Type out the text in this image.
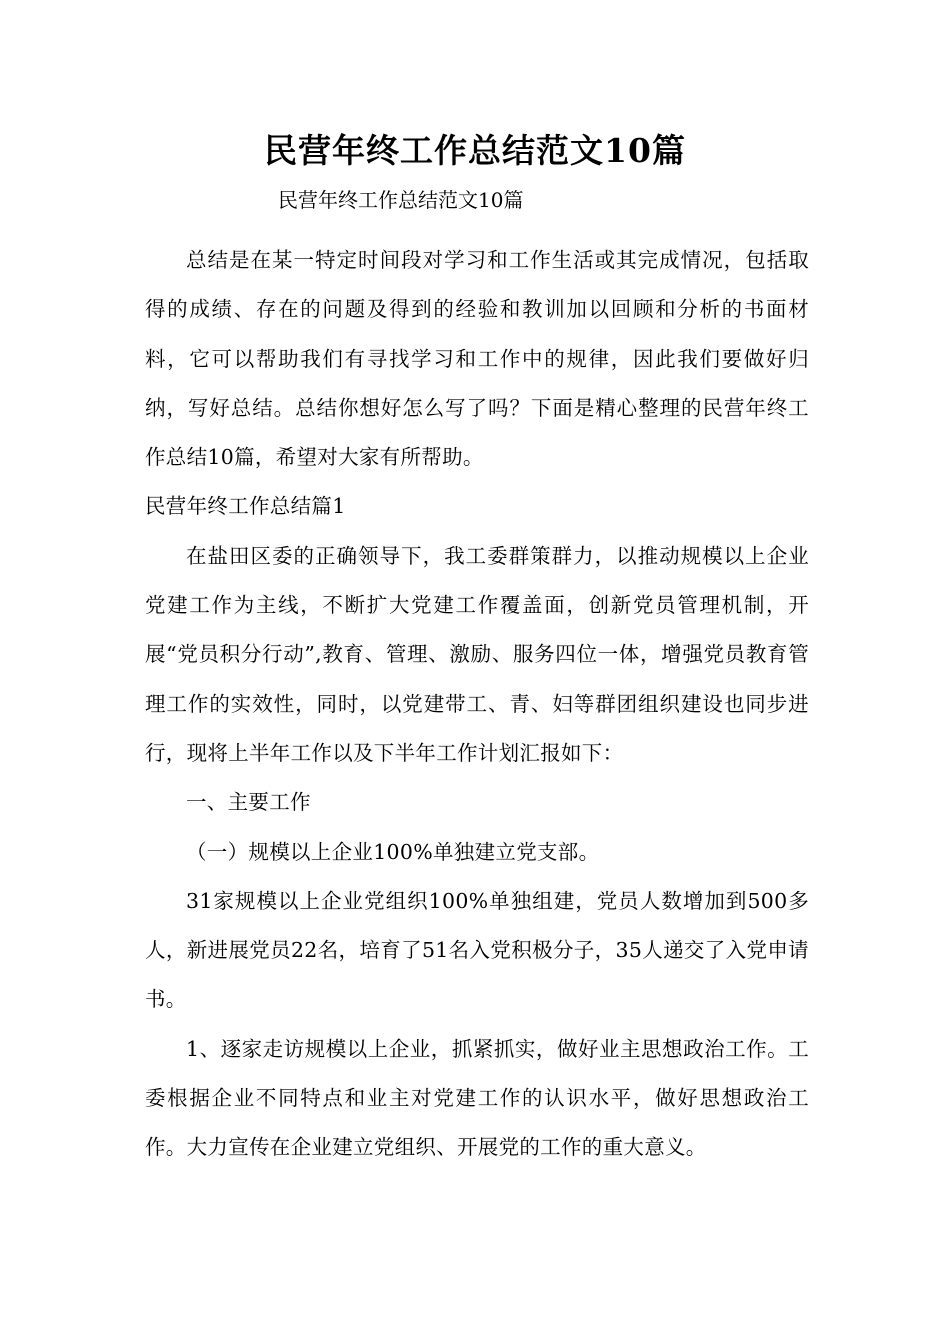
民营年终工作总结范文10篇
民营年终工作总结范文10篇

总结是在某一特定时间段对学习和工作生活或其完成情况，包括取得的成绩、存在的问题及得到的经验和教训加以回顾和分析的书面材料，它可以帮助我们有寻找学习和工作中的规律，因此我们要做好归纳，写好总结。总结你想好怎么写了吗？下面是精心整理的民营年终工作总结10篇，希望对大家有所帮助。

民营年终工作总结篇1

在盐田区委的正确领导下，我工委群策群力，以推动规模以上企业党建工作为主线，不断扩大党建工作覆盖面，创新党员管理机制，开展“党员积分行动”,教育、管理、激励、服务四位一体，增强党员教育管理工作的实效性，同时，以党建带工、青、妇等群团组织建设也同步进行，现将上半年工作以及下半年工作计划汇报如下：

一、主要工作

（一）规模以上企业100%单独建立党支部。

31家规模以上企业党组织100%单独组建，党员人数增加到500多人，新进展党员22名，培育了51名入党积极分子，35人递交了入党申请书。

1、逐家走访规模以上企业，抓紧抓实，做好业主思想政治工作。工委根据企业不同特点和业主对党建工作的认识水平，做好思想政治工作。大力宣传在企业建立党组织、开展党的工作的重大意义。
